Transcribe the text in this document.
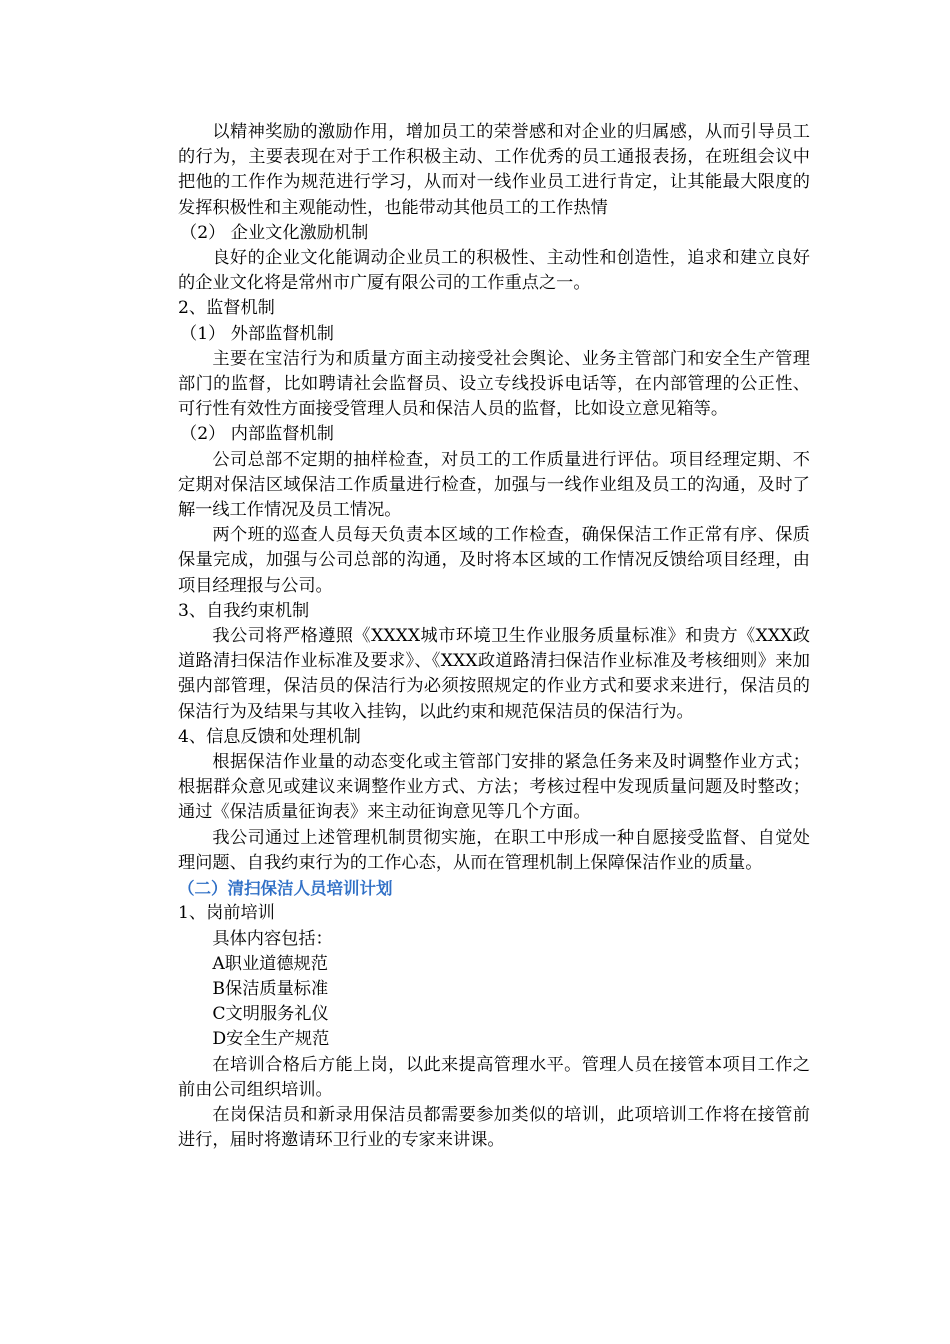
以精神奖励的激励作用，增加员工的荣誉感和对企业的归属感，从而引导员工的行为，主要表现在对于工作积极主动、工作优秀的员工通报表扬，在班组会议中把他的工作作为规范进行学习，从而对一线作业员工进行肯定，让其能最大限度的发挥积极性和主观能动性，也能带动其他员工的工作热情

（2） 企业文化激励机制

良好的企业文化能调动企业员工的积极性、主动性和创造性，追求和建立良好的企业文化将是常州市广厦有限公司的工作重点之一。

2、监督机制

（1） 外部监督机制

主要在宝洁行为和质量方面主动接受社会舆论、业务主管部门和安全生产管理部门的监督，比如聘请社会监督员、设立专线投诉电话等，在内部管理的公正性、可行性有效性方面接受管理人员和保洁人员的监督，比如设立意见箱等。

（2） 内部监督机制

公司总部不定期的抽样检查，对员工的工作质量进行评估。项目经理定期、不定期对保洁区域保洁工作质量进行检查，加强与一线作业组及员工的沟通，及时了解一线工作情况及员工情况。

两个班的巡查人员每天负责本区域的工作检查，确保保洁工作正常有序、保质保量完成，加强与公司总部的沟通，及时将本区域的工作情况反馈给项目经理，由项目经理报与公司。

3、自我约束机制

我公司将严格遵照《XXXX城市环境卫生作业服务质量标准》和贵方《XXX政道路清扫保洁作业标准及要求》、《XXX政道路清扫保洁作业标准及考核细则》来加强内部管理，保洁员的保洁行为必须按照规定的作业方式和要求来进行，保洁员的保洁行为及结果与其收入挂钩，以此约束和规范保洁员的保洁行为。

4、信息反馈和处理机制

根据保洁作业量的动态变化或主管部门安排的紧急任务来及时调整作业方式；根据群众意见或建议来调整作业方式、方法；考核过程中发现质量问题及时整改；通过《保洁质量征询表》来主动征询意见等几个方面。

我公司通过上述管理机制贯彻实施，在职工中形成一种自愿接受监督、自觉处理问题、自我约束行为的工作心态，从而在管理机制上保障保洁作业的质量。

（二）清扫保洁人员培训计划

1、岗前培训

具体内容包括：

A职业道德规范

B保洁质量标准

C文明服务礼仪

D安全生产规范

在培训合格后方能上岗，以此来提高管理水平。管理人员在接管本项目工作之前由公司组织培训。

在岗保洁员和新录用保洁员都需要参加类似的培训，此项培训工作将在接管前进行，届时将邀请环卫行业的专家来讲课。
